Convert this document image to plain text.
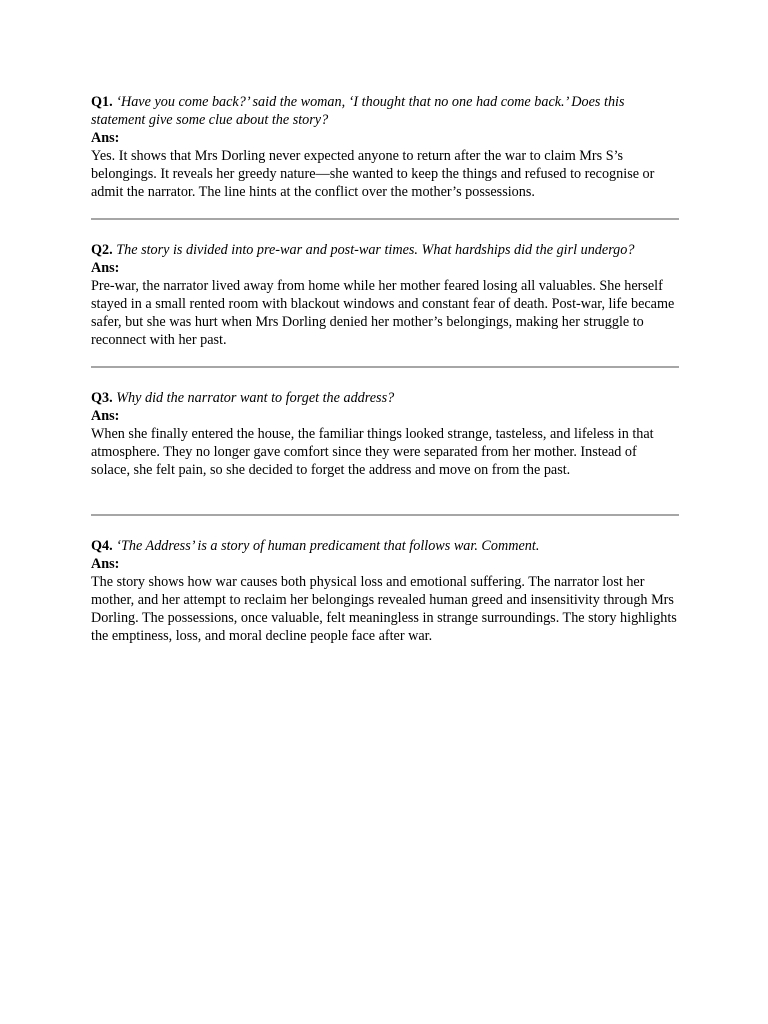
Q1. ‘Have you come back?’ said the woman, ‘I thought that no one had come back.’ Does this statement give some clue about the story?

Ans:

Yes. It shows that Mrs Dorling never expected anyone to return after the war to claim Mrs S’s belongings. It reveals her greedy nature—she wanted to keep the things and refused to recognise or admit the narrator. The line hints at the conflict over the mother’s possessions.

Q2. The story is divided into pre-war and post-war times. What hardships did the girl undergo?

Ans:

Pre-war, the narrator lived away from home while her mother feared losing all valuables. She herself stayed in a small rented room with blackout windows and constant fear of death. Post-war, life became safer, but she was hurt when Mrs Dorling denied her mother’s belongings, making her struggle to reconnect with her past.

Q3. Why did the narrator want to forget the address?

Ans:

When she finally entered the house, the familiar things looked strange, tasteless, and lifeless in that atmosphere. They no longer gave comfort since they were separated from her mother. Instead of solace, she felt pain, so she decided to forget the address and move on from the past.

Q4. ‘The Address’ is a story of human predicament that follows war. Comment.

Ans:

The story shows how war causes both physical loss and emotional suffering. The narrator lost her mother, and her attempt to reclaim her belongings revealed human greed and insensitivity through Mrs Dorling. The possessions, once valuable, felt meaningless in strange surroundings. The story highlights the emptiness, loss, and moral decline people face after war.
